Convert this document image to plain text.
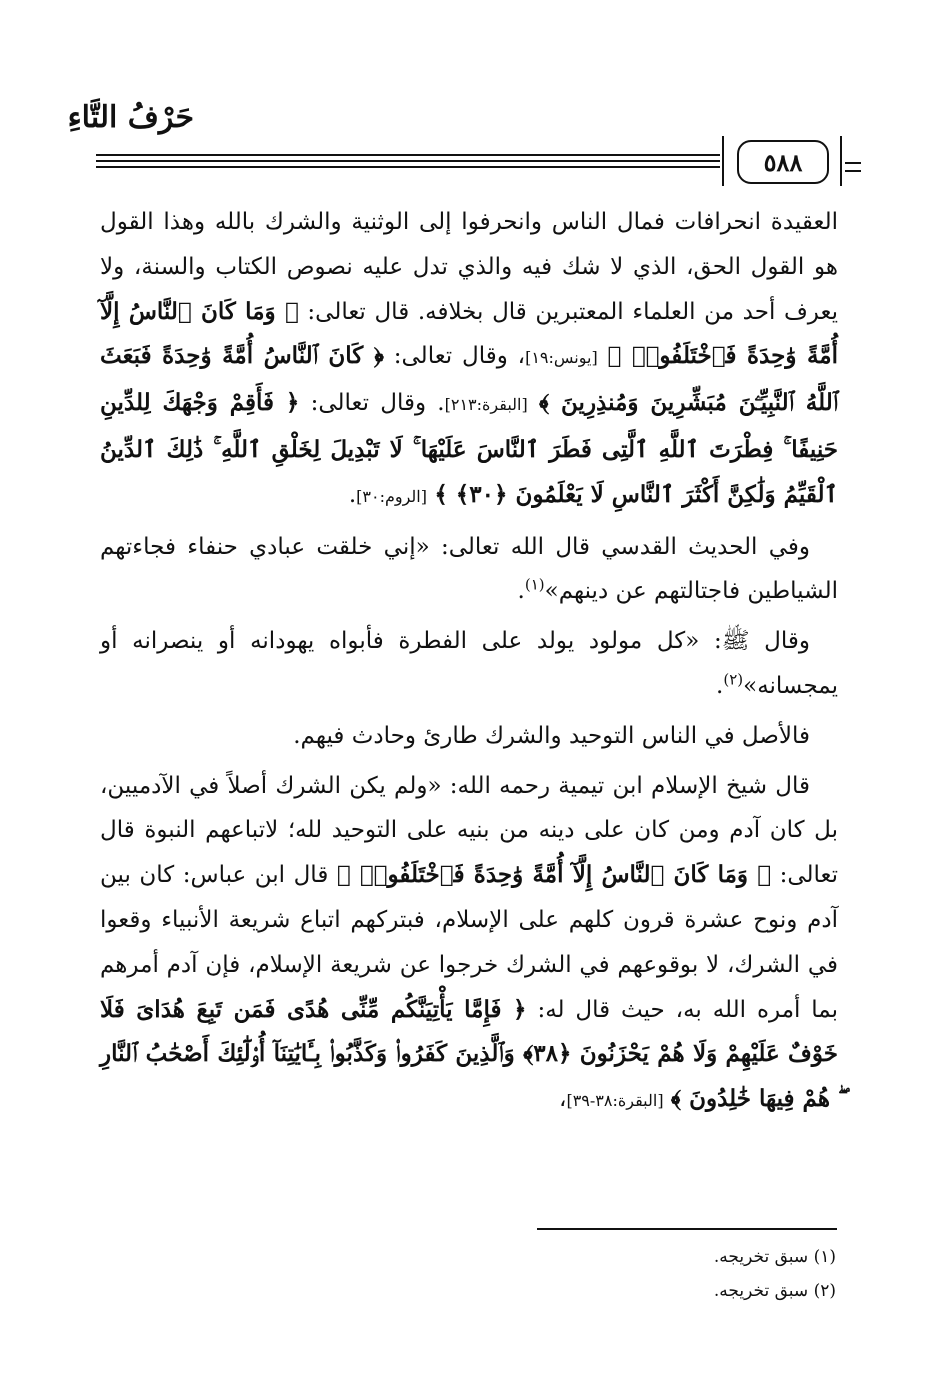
حَرْفُ التَّاءِ
٥٨٨

العقيدة انحرافات فمال الناس وانحرفوا إلى الوثنية والشرك بالله وهذا القول هو القول الحق، الذي لا شك فيه والذي تدل عليه نصوص الكتاب والسنة، ولا يعرف أحد من العلماء المعتبرين قال بخلافه. قال تعالى: ﴿ وَمَا كَانَ ٱلنَّاسُ إِلَّآ أُمَّةً وَٰحِدَةً فَٱخْتَلَفُوا۟ ﴾ [يونس:١٩]، وقال تعالى: ﴿ كَانَ ٱلنَّاسُ أُمَّةً وَٰحِدَةً فَبَعَثَ ٱللَّهُ ٱلنَّبِيِّـۧنَ مُبَشِّرِينَ وَمُنذِرِينَ ﴾ [البقرة:٢١٣]. وقال تعالى: ﴿ فَأَقِمْ وَجْهَكَ لِلدِّينِ حَنِيفًا ۚ فِطْرَتَ ٱللَّهِ ٱلَّتِى فَطَرَ ٱلنَّاسَ عَلَيْهَا ۚ لَا تَبْدِيلَ لِخَلْقِ ٱللَّهِ ۚ ذَٰلِكَ ٱلدِّينُ ٱلْقَيِّمُ وَلَٰكِنَّ أَكْثَرَ ٱلنَّاسِ لَا يَعْلَمُونَ ﴿٣٠﴾ ﴾ [الروم:٣٠].

وفي الحديث القدسي قال الله تعالى: «إني خلقت عبادي حنفاء فجاءتهم الشياطين فاجتالتهم عن دينهم»$^{(١)}$.

وقال ﷺ: «كل مولود يولد على الفطرة فأبواه يهودانه أو ينصرانه أو يمجسانه»$^{(٢)}$.

فالأصل في الناس التوحيد والشرك طارئ وحادث فيهم.

قال شيخ الإسلام ابن تيمية رحمه الله: «ولم يكن الشرك أصلاً في الآدميين، بل كان آدم ومن كان على دينه من بنيه على التوحيد لله؛ لاتباعهم النبوة قال تعالى: ﴿ وَمَا كَانَ ٱلنَّاسُ إِلَّآ أُمَّةً وَٰحِدَةً فَٱخْتَلَفُوا۟ ﴾ قال ابن عباس: كان بين آدم ونوح عشرة قرون كلهم على الإسلام، فبتركهم اتباع شريعة الأنبياء وقعوا في الشرك، لا بوقوعهم في الشرك خرجوا عن شريعة الإسلام، فإن آدم أمرهم بما أمره الله به، حيث قال له: ﴿ فَإِمَّا يَأْتِيَنَّكُم مِّنِّى هُدًى فَمَن تَبِعَ هُدَاىَ فَلَا خَوْفٌ عَلَيْهِمْ وَلَا هُمْ يَحْزَنُونَ ﴿٣٨﴾ وَٱلَّذِينَ كَفَرُوا۟ وَكَذَّبُوا۟ بِـَٔايَٰتِنَآ أُو۟لَٰٓئِكَ أَصْحَٰبُ ٱلنَّارِ ۖ هُمْ فِيهَا خَٰلِدُونَ ﴾ [البقرة:٣٨-٣٩]،

(١) سبق تخريجه.
(٢) سبق تخريجه.
